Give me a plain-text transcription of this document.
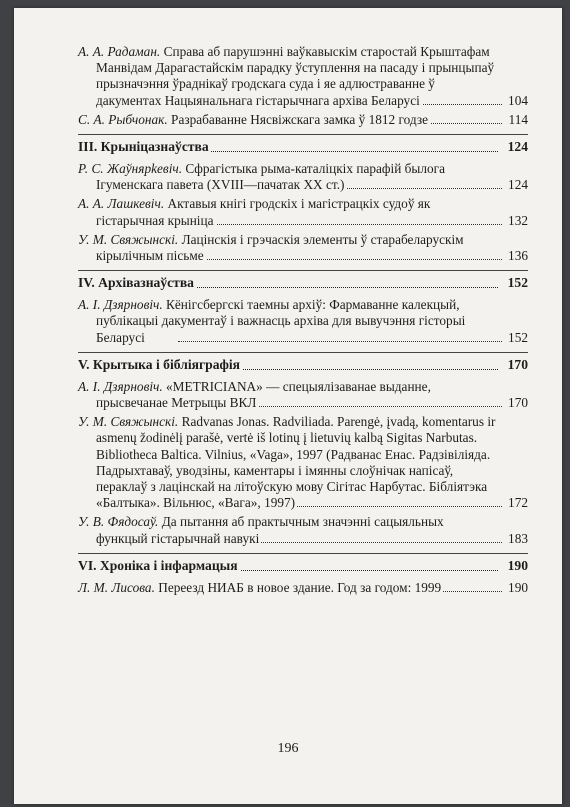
А. А. Радаман. Справа аб парушэнні ваўкавыскім старостай Крыштафам Манвідам Дарагастайскім парадку ўступлення на пасаду і прынцыпаў прызначэння ўраднікаў гродскага суда і яе адлюстраванне ў дакументах Нацыянальнага гістарычнага архіва Беларусі	104
С. А. Рыбчонак. Разрабаванне Нясвіжскага замка ў 1812 годзе	114
III. Крыніцазнаўства	124
Р. С. Жаўнярkевіч. Сфрагістыка рыма-каталіцкіх парафій былога Ігуменскага павета (XVIII—пачатак XX ст.)	124
А. А. Лашкевіч. Актавыя кнігі гродскіх і магістрацкіх судоў як гістарычная крыніца	132
У. М. Свяжынскі. Лацінскія і грэчаскія элементы ў старабеларускім кірылічным пісьме	136
IV. Архівазнаўства	152
А. І. Дзярновіч. Кёнігсбергскі таемны архіў: Фармаванне калекцый, публікацыі дакументаў і важнасць архіва для вывучэння гісторыі Беларусі	152
V. Крытыка і бібліяграфія	170
А. І. Дзярновіч. «METRICIANA» — спецыялізаванае выданне, прысвечанае Метрыцы ВКЛ	170
У. М. Свяжынскі. Radvanas Jonas. Radviliada. Parengė, įvadą, komentarus ir asmenų žodinėlį parašė, vertė iš lotinų į lietuvių kalbą Sigitas Narbutas. Bibliotheca Baltica. Vilnius, «Vaga», 1997 (Радванас Енас. Радзівіліяда. Падрыхтаваў, уводзіны, каментары і імянны слоўнічак напісаў, пераклаў з лацінскай на літоўскую мову Сігітас Нарбутас. Бібліятэка «Балтыка». Вільнюс, «Вага», 1997)	172
У. В. Фядосаў. Да пытання аб практычным значэнні сацыяльных функцый гістарычнай навукі	183
VI. Хроніка і інфармацыя	190
Л. М. Лисова. Переезд НИАБ в новое здание. Год за годом: 1999	190
196
